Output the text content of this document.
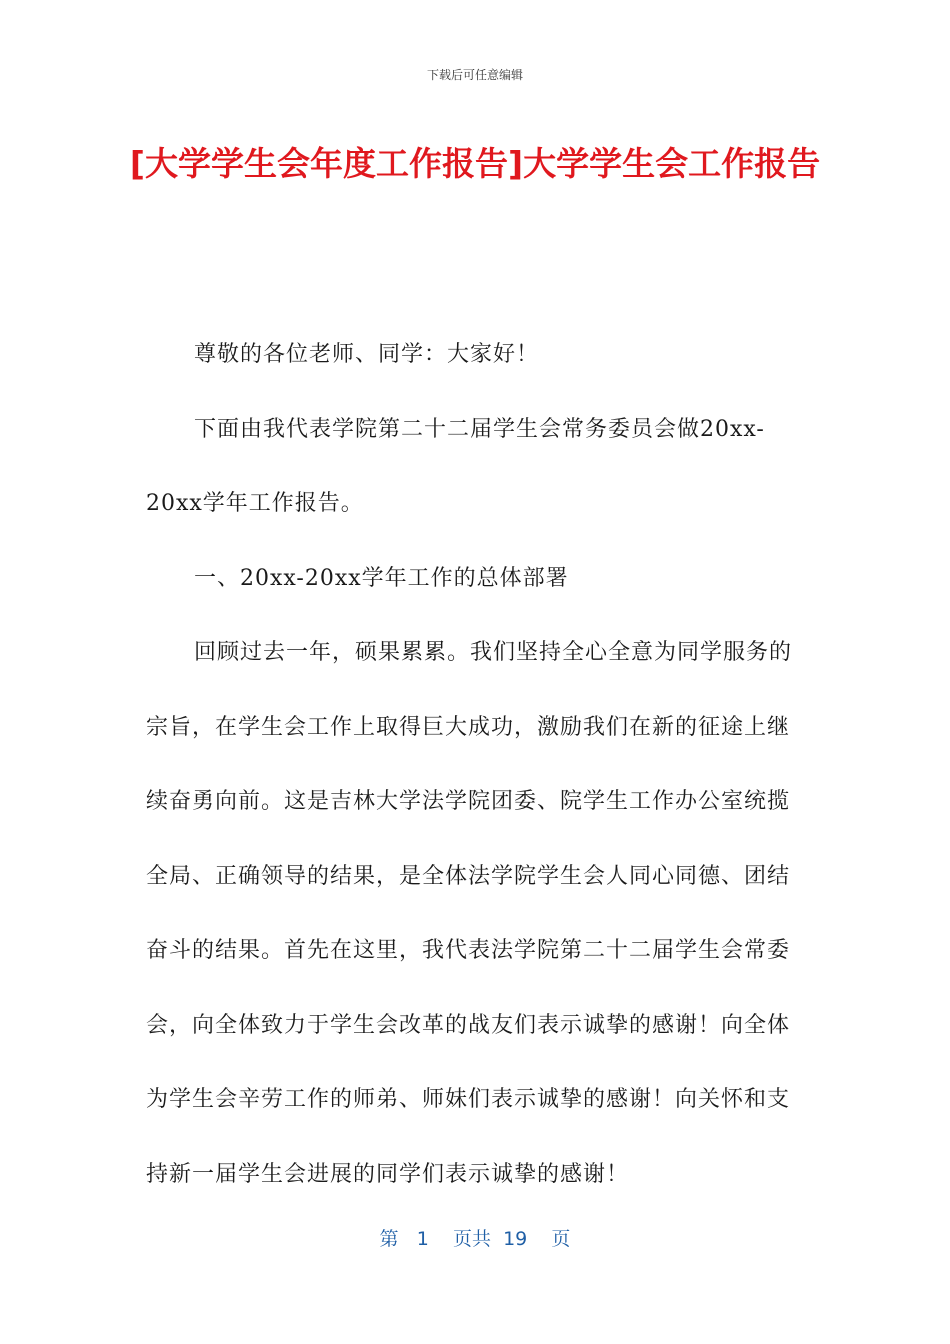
下载后可任意编辑
[大学学生会年度工作报告]大学学生会工作报告

尊敬的各位老师、同学：大家好！

下面由我代表学院第二十二届学生会常务委员会做20xx-20xx学年工作报告。

一、20xx-20xx学年工作的总体部署

回顾过去一年，硕果累累。我们坚持全心全意为同学服务的宗旨，在学生会工作上取得巨大成功，激励我们在新的征途上继续奋勇向前。这是吉林大学法学院团委、院学生工作办公室统揽全局、正确领导的结果，是全体法学院学生会人同心同德、团结奋斗的结果。首先在这里，我代表法学院第二十二届学生会常委会，向全体致力于学生会改革的战友们表示诚挚的感谢！向全体为学生会辛劳工作的师弟、师妹们表示诚挚的感谢！向关怀和支持新一届学生会进展的同学们表示诚挚的感谢！

第 1 页共 19 页
